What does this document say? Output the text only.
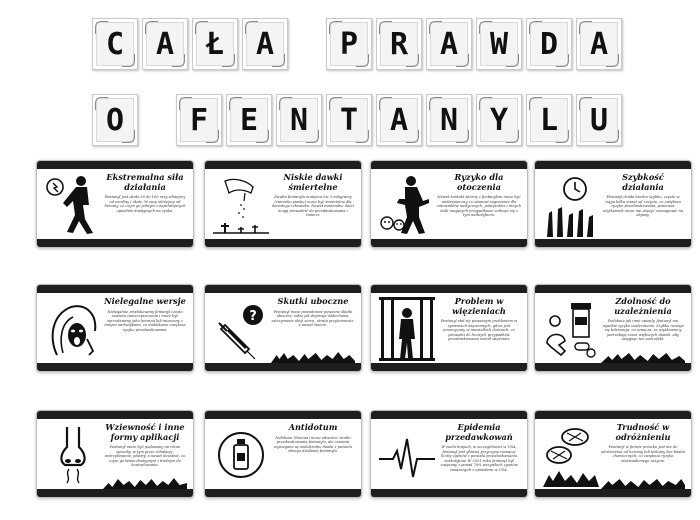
C	A	Ł	A	P	R	A	W	D	A
O	F	E	N	T	A	N	Y	L	U
Ekstremalna siła działania
Fentanyl jest około 50 do 100 razy silniejszy od morfiny i około 50 razy silniejszy od heroiny, co czyni go jednym z najsilniejszych opioidów dostępnych na rynku.
Niskie dawki śmiertelne
Dawka fentanylu mniejsza niż 2 miligramy (ziarenko piasku) może być śmiertelna dla dorosłego człowieka. Nawet minimalne ilości mogą prowadzić do przedawkowania i śmierci.
Ryzyko dla otoczenia
Nawet kontakt skórny z fentanylem może być niebezpieczny, co stanowi zagrożenie dla ratowników medycznych, policjantów i innych osób mogących przypadkowo zetknąć się z tym narkotykiem.
Szybkość działania
Fentanyl działa bardzo szybko, często w ciągu kilku minut od zażycia, co zwiększa ryzyko przedawkowania, ponieważ użytkownik może nie zdążyć zareagować na objawy.
Nielegalne wersje
Nielegalnie produkowany fentanyl często zawiera zanieczyszczenia i może być sprzedawany jako heroina lub mieszany z innymi narkotykami, co dodatkowo zwiększa ryzyko przedawkowania.
?
Skutki uboczne
Fentanyl może powodować poważne skutki uboczne, takie jak depresja oddechowa, zatrzymanie akcji serca, utrata przytomności, a nawet śmierć.
Problem w więzieniach
Fentanyl stał się poważnym problemem w systemach więziennych, gdzie jest przemycany w niewielkich ilościach, co prowadzi do licznych przypadków przedawkowania wśród więźniów.
Zdolność do uzależnienia
Podobnie jak inne opioidy, fentanyl ma wysokie ryzyko uzależnienia. Szybko rozwija się tolerancja, co oznacza, że użytkownicy potrzebują coraz większych dawek, aby osiągnąć ten sam efekt.
Wziewność i inne formy aplikacji
Fentanyl może być podawany na różne sposoby, w tym przez inhalację, wstrzykiwanie, plastry, a nawet doustnie, co czyni go łatwo dostępnym i trudnym do kontrolowania.
Antidotum
Nalokson (Narcan) może odwrócić skutki przedawkowania fentanylu, ale czasami wymagane są wielokrotne dawki z powodu silnego działania fentanylu.
Epidemia przedawkowań
W wielu krajach, w szczególności w USA, fentanyl jest główną przyczyną rosnącej liczby zgonów z powodu przedawkowania narkotyków. W 2021 roku fentanyl był związany z ponad 70% wszystkich zgonów związanych z opioidami w USA.
Trudność w odróżnieniu
Fentanyl w formie proszku jest nie do odróżnienia od heroiny lub kokainy bez badań chemicznych, co zwiększa ryzyko nieświadomego zażycia.
